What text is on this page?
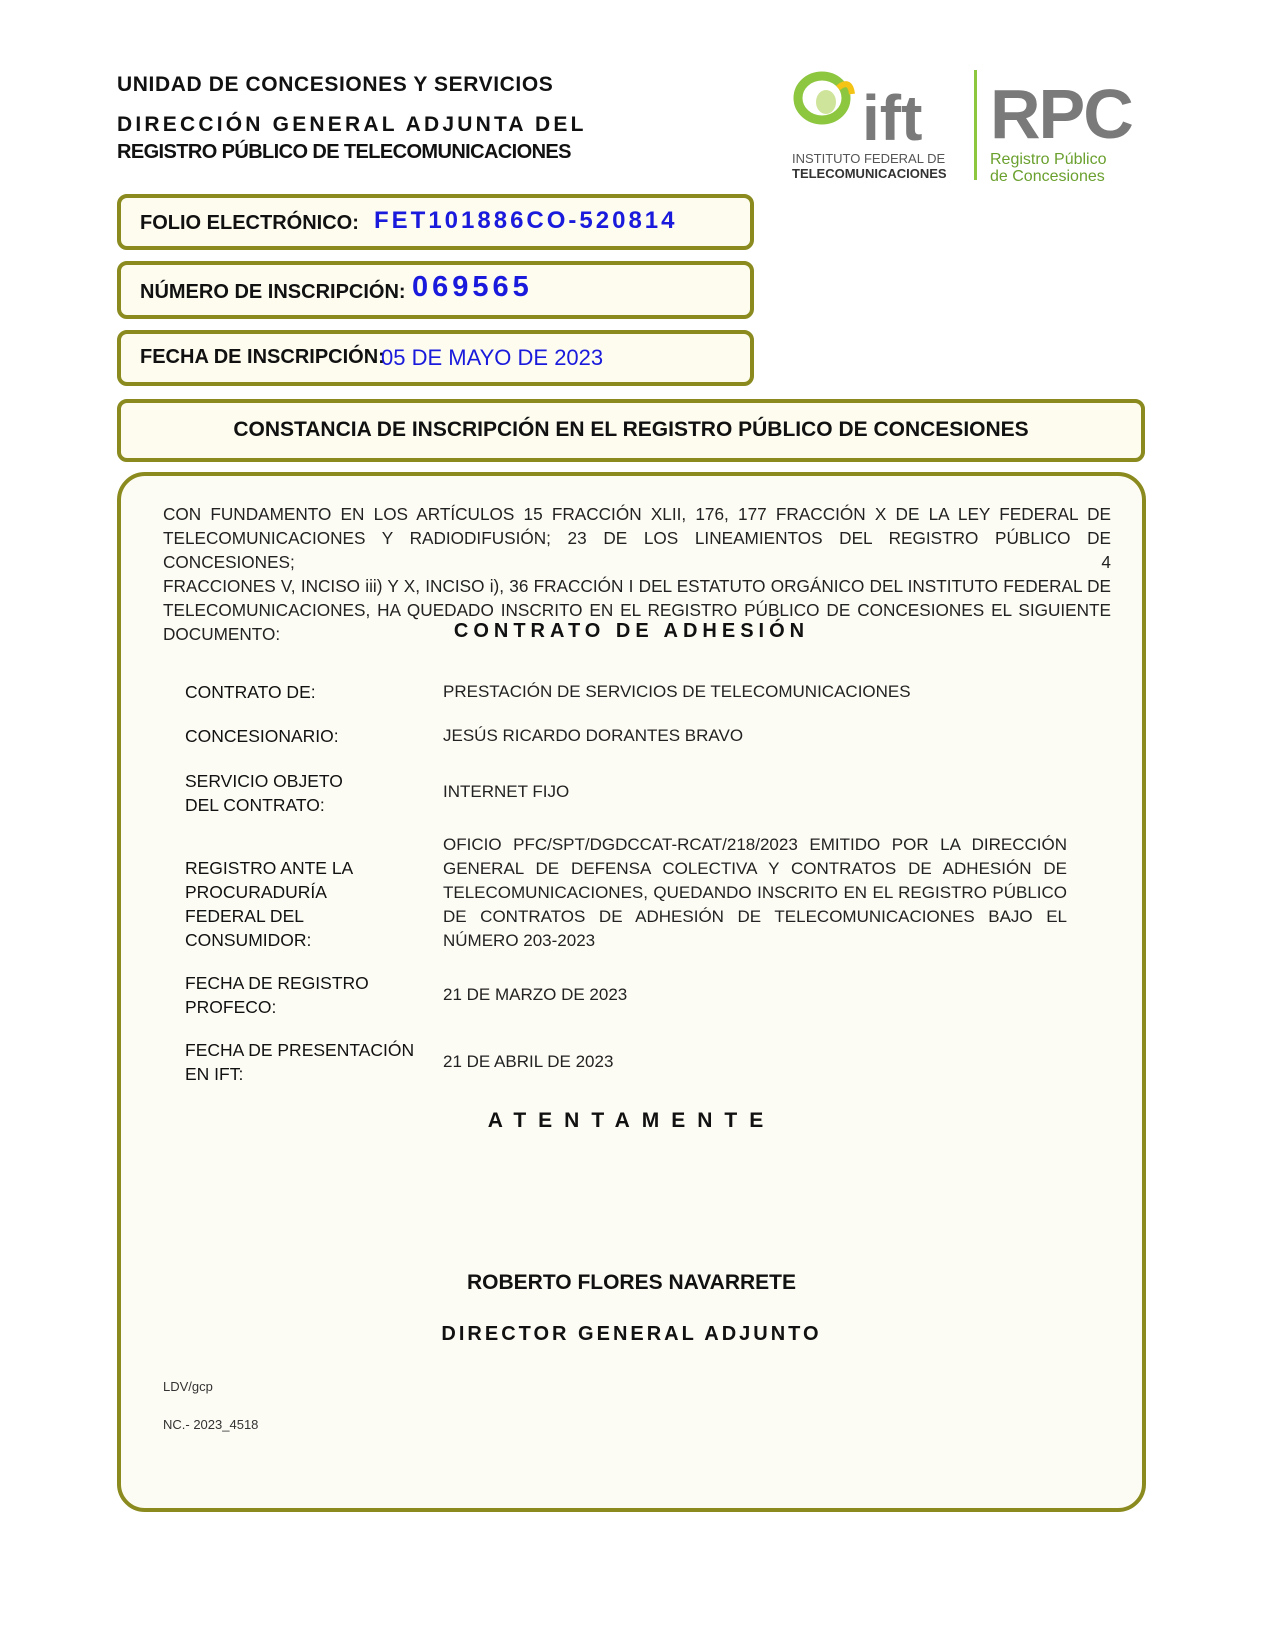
UNIDAD DE CONCESIONES Y SERVICIOS
DIRECCIÓN GENERAL ADJUNTA DEL
REGISTRO PÚBLICO DE TELECOMUNICACIONES	RPC
ift
INSTITUTO FEDERAL DE
TELECOMUNICACIONES
Registro Público
de Concesiones
FOLIO ELECTRÓNICO: FET101886CO-520814
NÚMERO DE INSCRIPCIÓN: 069565
FECHA DE INSCRIPCIÓN:
05 DE MAYO DE 2023
CONSTANCIA DE INSCRIPCIÓN EN EL REGISTRO PÚBLICO DE CONCESIONES
CON FUNDAMENTO EN LOS ARTÍCULOS 15 FRACCIÓN XLII, 176, 177 FRACCIÓN X DE LA LEY FEDERAL DE
TELECOMUNICACIONES Y RADIODIFUSIÓN; 23 DE LOS LINEAMIENTOS DEL REGISTRO PÚBLICO DE CONCESIONES; 4
FRACCIONES V, INCISO iii) Y X, INCISO i), 36 FRACCIÓN I DEL ESTATUTO ORGÁNICO DEL INSTITUTO FEDERAL DE
TELECOMUNICACIONES, HA QUEDADO INSCRITO EN EL REGISTRO PÚBLICO DE CONCESIONES EL SIGUIENTE DOCUMENTO:	CONTRATO DE ADHESIÓN
CONTRATO DE:	PRESTACIÓN DE SERVICIOS DE TELECOMUNICACIONES
CONCESIONARIO:	JESÚS RICARDO DORANTES BRAVO
SERVICIO OBJETO DEL CONTRATO:
INTERNET FIJO
REGISTRO ANTE LA PROCURADURÍA FEDERAL DEL CONSUMIDOR:
OFICIO PFC/SPT/DGDCCAT-RCAT/218/2023 EMITIDO POR LA DIRECCIÓN GENERAL DE DEFENSA COLECTIVA Y CONTRATOS DE ADHESIÓN DE TELECOMUNICACIONES, QUEDANDO INSCRITO EN EL REGISTRO PÚBLICO DE CONTRATOS DE ADHESIÓN DE TELECOMUNICACIONES BAJO EL NÚMERO 203-2023
FECHA DE REGISTRO PROFECO:
21 DE MARZO DE 2023
FECHA DE PRESENTACIÓN EN IFT:
21 DE ABRIL DE 2023
ATENTAMENTE
ROBERTO FLORES NAVARRETE
DIRECTOR GENERAL ADJUNTO
LDV/gcp
NC.- 2023_4518
